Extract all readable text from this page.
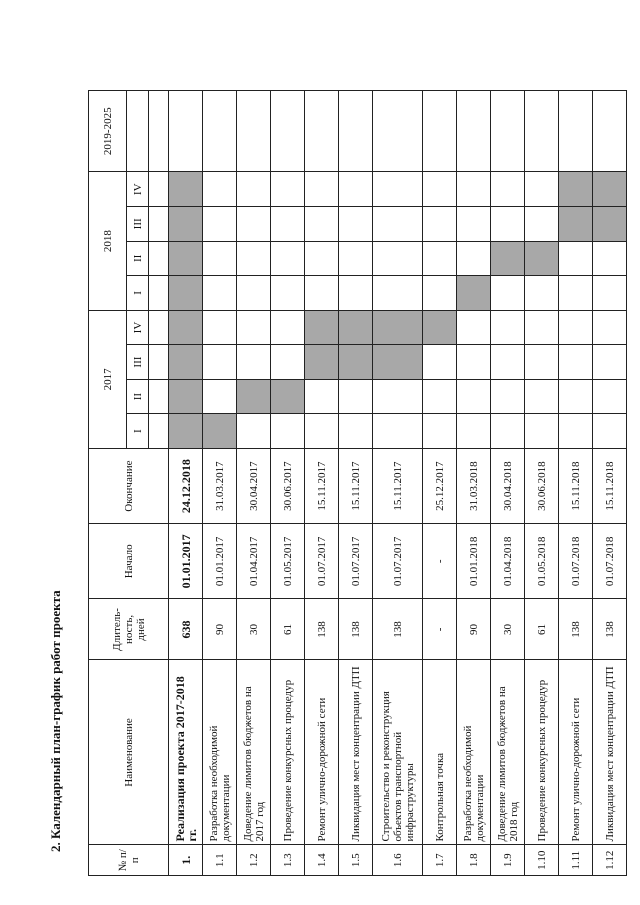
2. Календарный план-график работ проекта
№ п/п	Наименование	Длитель-ность, дней	Начало	Окончание	2017				2018				2019-2025
					I	II	III	IV	I	II	III	IV	

1.	Реализация проекта 2017-2018 гг.	638	01.01.2017	24.12.2018									
1.1	Разработка необходимой документации	90	01.01.2017	31.03.2017									
1.2	Доведение лимитов бюджетов на 2017 год	30	01.04.2017	30.04.2017									
1.3	Проведение конкурсных процедур	61	01.05.2017	30.06.2017									
1.4	Ремонт улично-дорожной сети	138	01.07.2017	15.11.2017									
1.5	Ликвидация мест концентрации ДТП	138	01.07.2017	15.11.2017									
1.6	Строительство и реконструкция объектов транспортной инфраструктуры	138	01.07.2017	15.11.2017									
1.7	Контрольная точка	-	-	25.12.2017									
1.8	Разработка необходимой документации	90	01.01.2018	31.03.2018									
1.9	Доведение лимитов бюджетов на 2018 год	30	01.04.2018	30.04.2018									
1.10	Проведение конкурсных процедур	61	01.05.2018	30.06.2018									
1.11	Ремонт улично-дорожной сети	138	01.07.2018	15.11.2018									
1.12	Ликвидация мест концентрации ДТП	138	01.07.2018	15.11.2018									
